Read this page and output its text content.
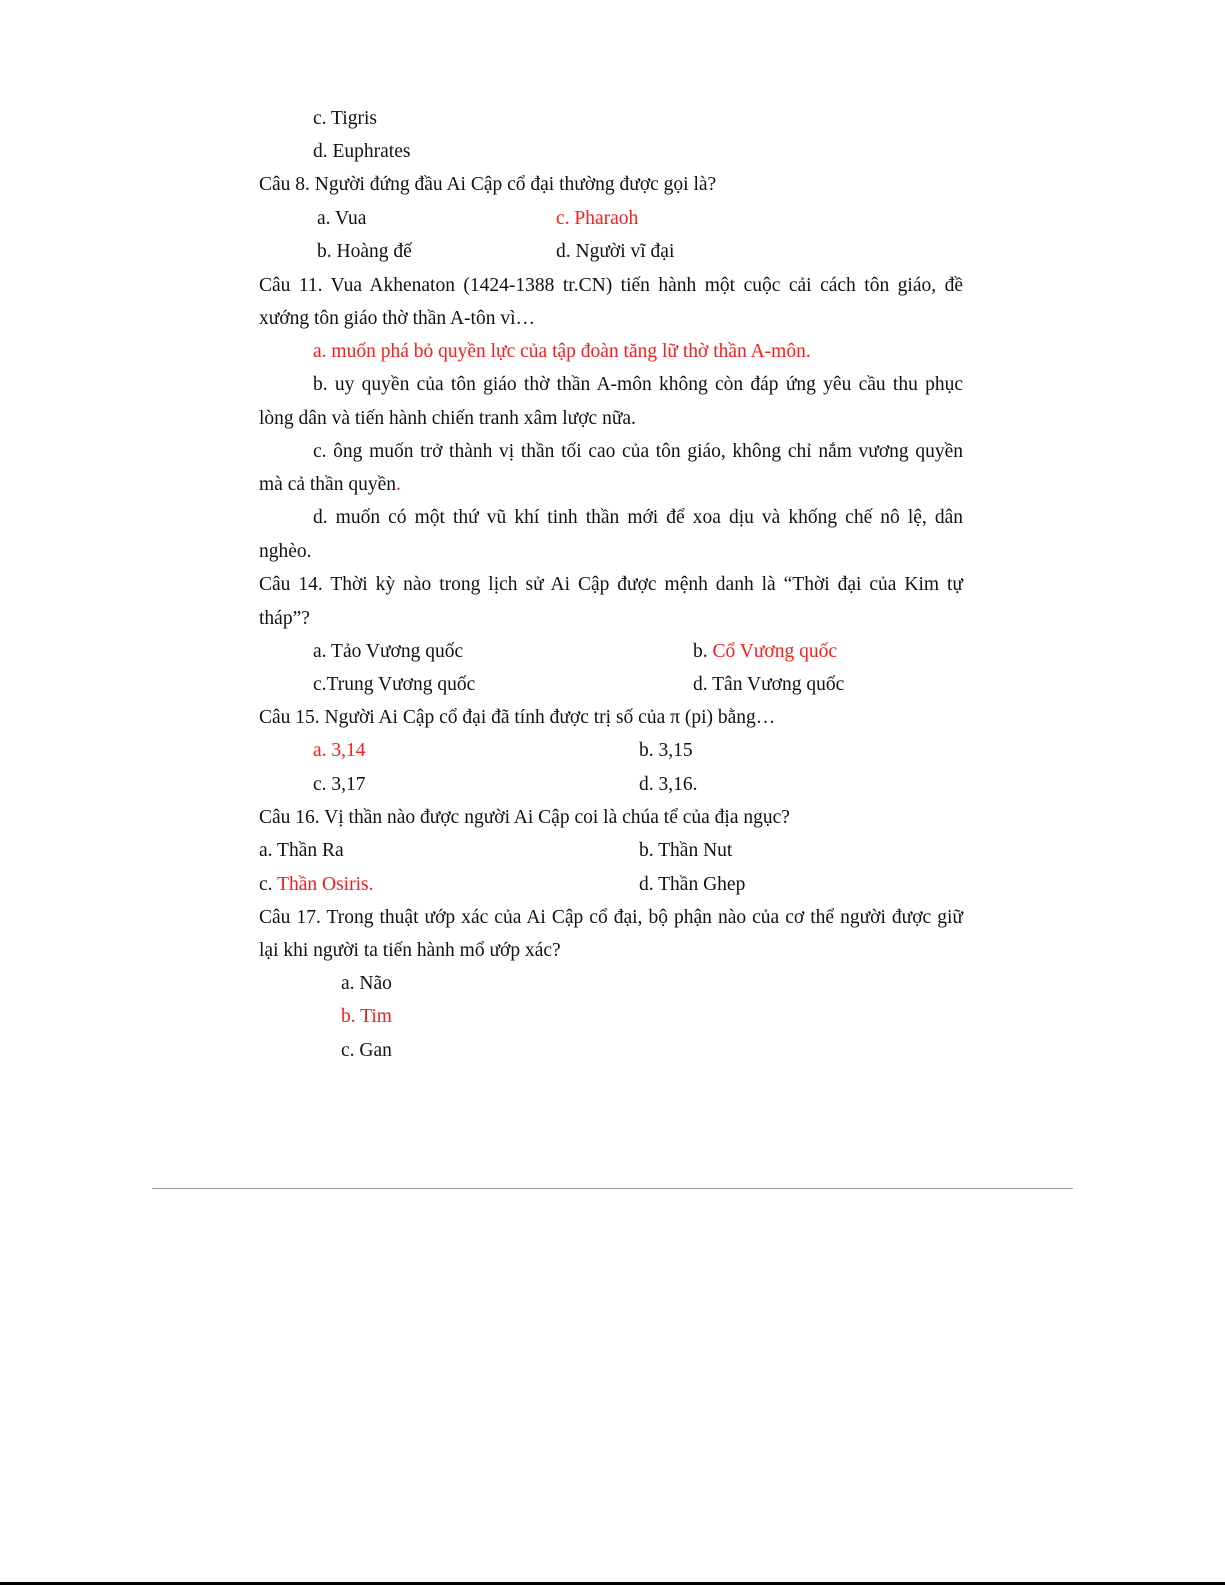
c. Tigris
d. Euphrates
Câu 8. Người đứng đầu Ai Cập cổ đại thường được gọi là?
a. Vua	c. Pharaoh
b. Hoàng đế	d. Người vĩ đại
Câu 11. Vua Akhenaton (1424-1388 tr.CN) tiến hành một cuộc cải cách tôn giáo, đề
xướng tôn giáo thờ thần A-tôn vì…
a. muốn phá bỏ quyền lực của tập đoàn tăng lữ thờ thần A-môn.
b. uy quyền của tôn giáo thờ thần A-môn không còn đáp ứng yêu cầu thu phục
lòng dân và tiến hành chiến tranh xâm lược nữa.
c. ông muốn trở thành vị thần tối cao của tôn giáo, không chỉ nắm vương quyền
mà cả thần quyền.
d. muốn có một thứ vũ khí tinh thần mới để xoa dịu và khống chế nô lệ, dân
nghèo.
Câu 14. Thời kỳ nào trong lịch sử Ai Cập được mệnh danh là “Thời đại của Kim tự
tháp”?
a. Tảo Vương quốc	b. Cổ Vương quốc
c.Trung Vương quốc	d. Tân Vương quốc
Câu 15. Người Ai Cập cổ đại đã tính được trị số của π (pi) bằng…
a. 3,14	b. 3,15
c. 3,17	d. 3,16.
Câu 16. Vị thần nào được người Ai Cập coi là chúa tể của địa ngục?
a. Thần Ra	b. Thần Nut
c. Thần Osiris.	d. Thần Ghep
Câu 17. Trong thuật ướp xác của Ai Cập cổ đại, bộ phận nào của cơ thể người được giữ
lại khi người ta tiến hành mổ ướp xác?
a. Não
b. Tim
c. Gan
